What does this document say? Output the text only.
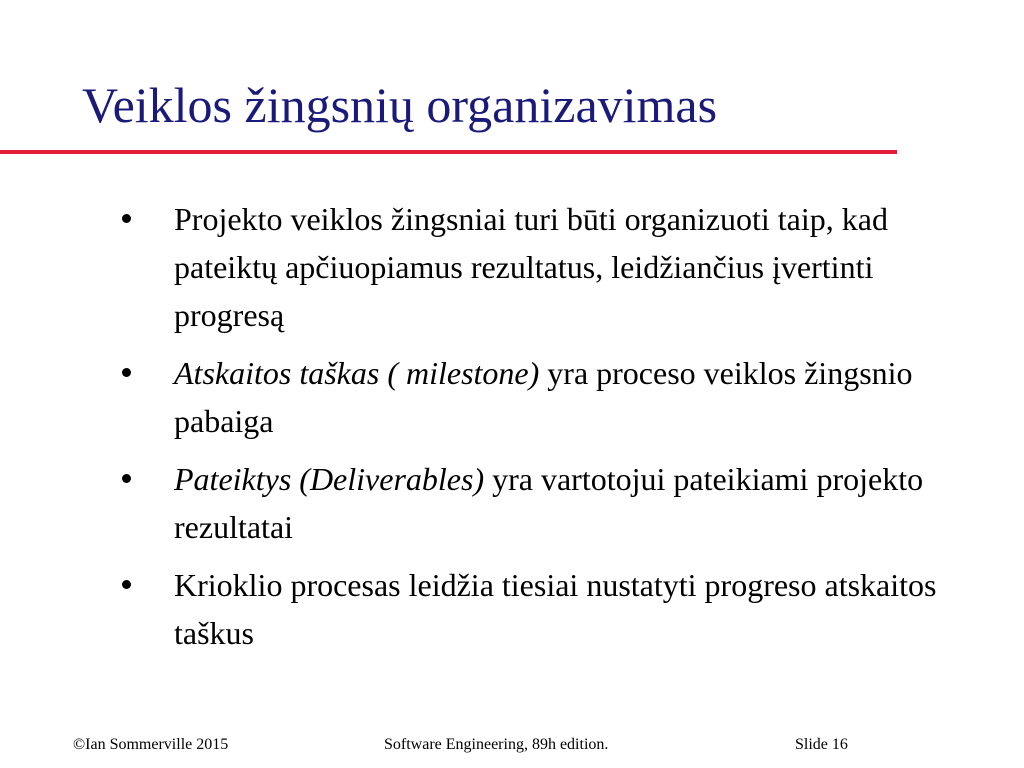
Veiklos žingsnių organizavimas
Projekto veiklos žingsniai turi būti organizuoti taip, kad pateiktų apčiuopiamus rezultatus, leidžiančius įvertinti progresą
Atskaitos taškas ( milestone) yra proceso veiklos žingsnio pabaiga
Pateiktys (Deliverables) yra vartotojui pateikiami projekto rezultatai
Krioklio procesas leidžia tiesiai nustatyti progreso atskaitos taškus
©Ian Sommerville 2015	Software Engineering, 89h edition.	Slide 16
